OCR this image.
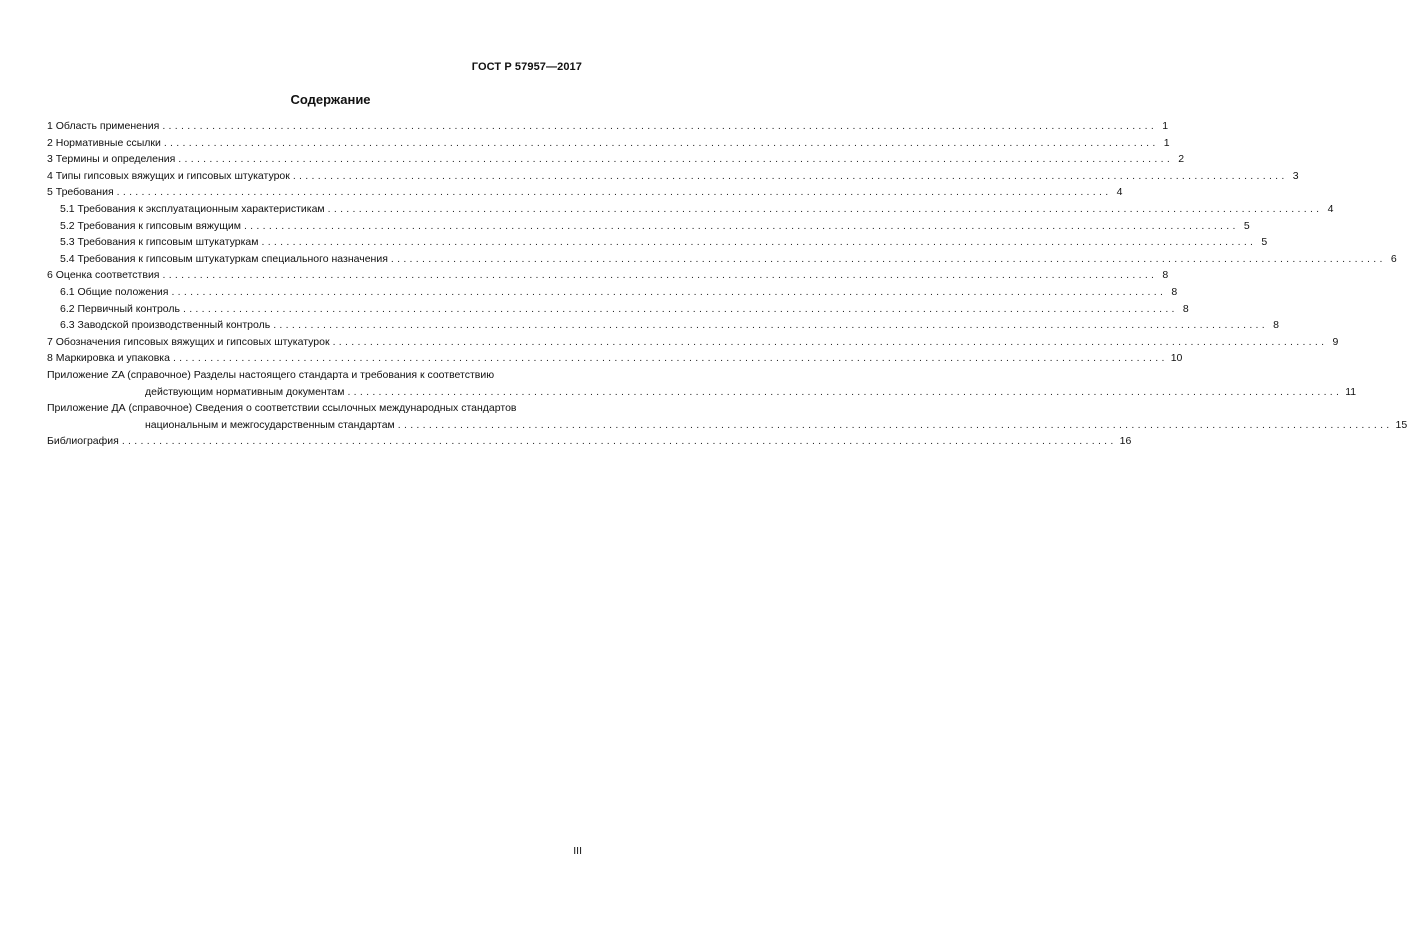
ГОСТ Р 57957—2017
Содержание
1 Область применения ................................................................................................................................................................ 1
2 Нормативные ссылки ................................................................................................................................................................ 1
3 Термины и определения ................................................................................................................................................................ 2
4 Типы гипсовых вяжущих и гипсовых штукатурок ................................................................................................................................................................ 3
5 Требования ................................................................................................................................................................ 4
5.1 Требования к эксплуатационным характеристикам ................................................................................................................................................................ 4
5.2 Требования к гипсовым вяжущим ................................................................................................................................................................ 5
5.3 Требования к гипсовым штукатуркам ................................................................................................................................................................ 5
5.4 Требования к гипсовым штукатуркам специального назначения ................................................................................................................................................................ 6
6 Оценка соответствия ................................................................................................................................................................ 8
6.1 Общие положения ................................................................................................................................................................ 8
6.2 Первичный контроль ................................................................................................................................................................ 8
6.3 Заводской производственный контроль ................................................................................................................................................................ 8
7 Обозначения гипсовых вяжущих и гипсовых штукатурок ................................................................................................................................................................ 9
8 Маркировка и упаковка ................................................................................................................................................................ 10
Приложение ZA (справочное) Разделы настоящего стандарта и требования к соответствию
действующим нормативным документам ................................................................................................................................................................ 11
Приложение ДА (справочное) Сведения о соответствии ссылочных международных стандартов
национальным и межгосударственным стандартам ................................................................................................................................................................ 15
Библиография ................................................................................................................................................................ 16
III
